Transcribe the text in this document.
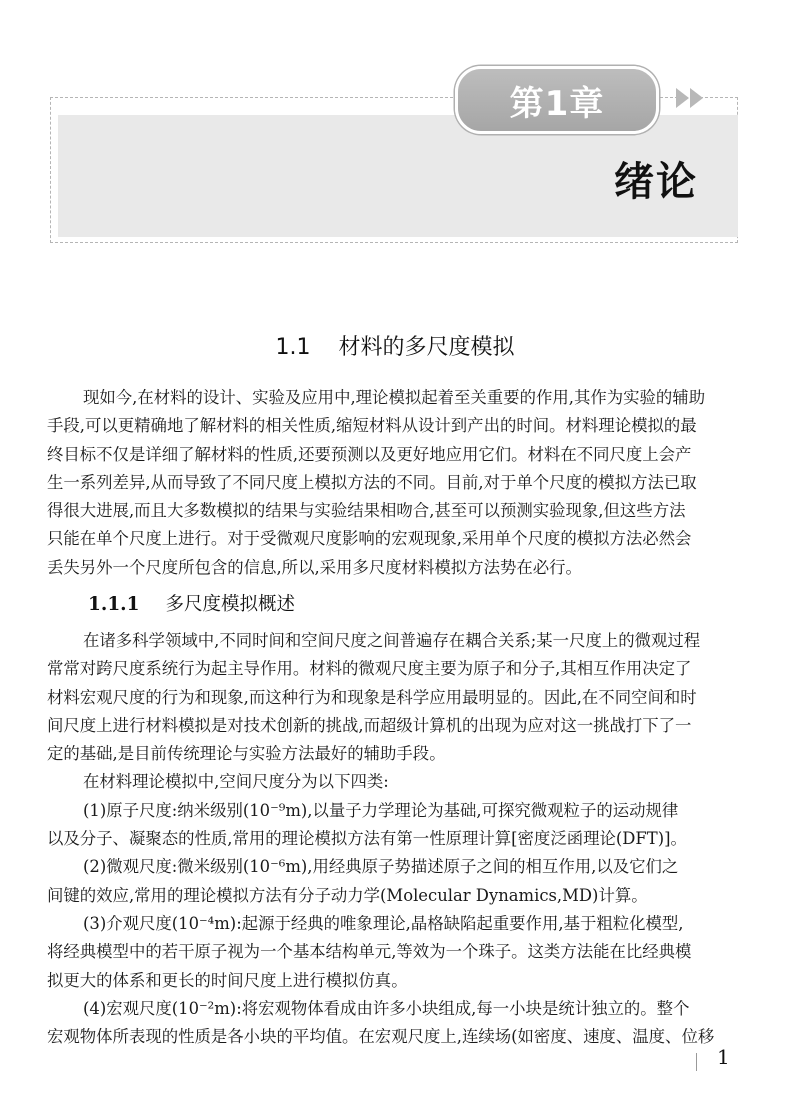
第1章
绪论
1.1 材料的多尺度模拟
现如今,在材料的设计、实验及应用中,理论模拟起着至关重要的作用,其作为实验的辅助
手段,可以更精确地了解材料的相关性质,缩短材料从设计到产出的时间。材料理论模拟的最
终目标不仅是详细了解材料的性质,还要预测以及更好地应用它们。材料在不同尺度上会产
生一系列差异,从而导致了不同尺度上模拟方法的不同。目前,对于单个尺度的模拟方法已取
得很大进展,而且大多数模拟的结果与实验结果相吻合,甚至可以预测实验现象,但这些方法
只能在单个尺度上进行。对于受微观尺度影响的宏观现象,采用单个尺度的模拟方法必然会
丢失另外一个尺度所包含的信息,所以,采用多尺度材料模拟方法势在必行。
1.1.1 多尺度模拟概述
在诸多科学领域中,不同时间和空间尺度之间普遍存在耦合关系;某一尺度上的微观过程
常常对跨尺度系统行为起主导作用。材料的微观尺度主要为原子和分子,其相互作用决定了
材料宏观尺度的行为和现象,而这种行为和现象是科学应用最明显的。因此,在不同空间和时
间尺度上进行材料模拟是对技术创新的挑战,而超级计算机的出现为应对这一挑战打下了一
定的基础,是目前传统理论与实验方法最好的辅助手段。
在材料理论模拟中,空间尺度分为以下四类:
(1)原子尺度:纳米级别(10⁻⁹m),以量子力学理论为基础,可探究微观粒子的运动规律
以及分子、凝聚态的性质,常用的理论模拟方法有第一性原理计算[密度泛函理论(DFT)]。
(2)微观尺度:微米级别(10⁻⁶m),用经典原子势描述原子之间的相互作用,以及它们之
间键的效应,常用的理论模拟方法有分子动力学(Molecular Dynamics,MD)计算。
(3)介观尺度(10⁻⁴m):起源于经典的唯象理论,晶格缺陷起重要作用,基于粗粒化模型,
将经典模型中的若干原子视为一个基本结构单元,等效为一个珠子。这类方法能在比经典模
拟更大的体系和更长的时间尺度上进行模拟仿真。
(4)宏观尺度(10⁻²m):将宏观物体看成由许多小块组成,每一小块是统计独立的。整个
宏观物体所表现的性质是各小块的平均值。在宏观尺度上,连续场(如密度、速度、温度、位移
1
